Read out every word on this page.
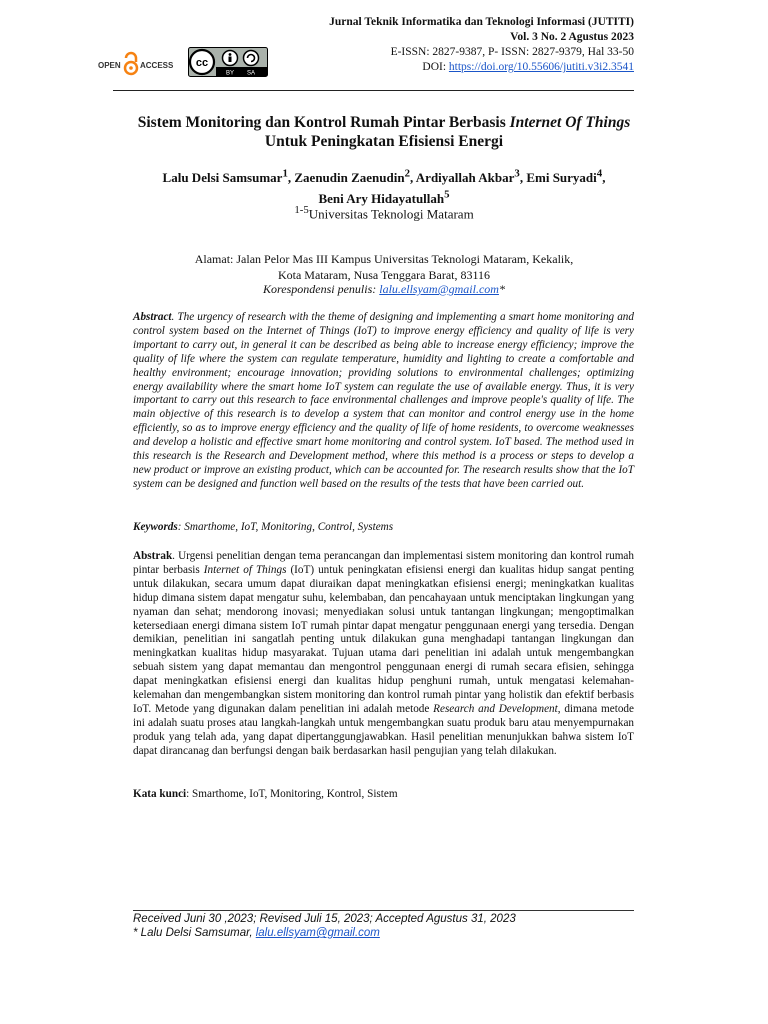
Jurnal Teknik Informatika dan Teknologi Informasi (JUTITI)
Vol. 3 No. 2 Agustus 2023
E-ISSN: 2827-9387, P- ISSN: 2827-9379, Hal 33-50
DOI: https://doi.org/10.55606/jutiti.v3i2.3541
OPEN ACCESS cc
BY SA
Sistem Monitoring dan Kontrol Rumah Pintar Berbasis Internet Of Things Untuk Peningkatan Efisiensi Energi
Lalu Delsi Samsumar$^1$, Zaenudin Zaenudin$^2$, Ardiyallah Akbar$^3$, Emi Suryadi$^4$,
Beni Ary Hidayatullah$^5$
$^{1-5}$Universitas Teknologi Mataram
Alamat: Jalan Pelor Mas III Kampus Universitas Teknologi Mataram, Kekalik,
Kota Mataram, Nusa Tenggara Barat, 83116
Korespondensi penulis: lalu.ellsyam@gmail.com*
Abstract. The urgency of research with the theme of designing and implementing a smart home monitoring and control system based on the Internet of Things (IoT) to improve energy efficiency and quality of life is very important to carry out, in general it can be described as being able to increase energy efficiency; improve the quality of life where the system can regulate temperature, humidity and lighting to create a comfortable and healthy environment; encourage innovation; providing solutions to environmental challenges; optimizing energy availability where the smart home IoT system can regulate the use of available energy. Thus, it is very important to carry out this research to face environmental challenges and improve people's quality of life. The main objective of this research is to develop a system that can monitor and control energy use in the home efficiently, so as to improve energy efficiency and the quality of life of home residents, to overcome weaknesses and develop a holistic and effective smart home monitoring and control system. IoT based. The method used in this research is the Research and Development method, where this method is a process or steps to develop a new product or improve an existing product, which can be accounted for. The research results show that the IoT system can be designed and function well based on the results of the tests that have been carried out.
Keywords: Smarthome, IoT, Monitoring, Control, Systems
Abstrak. Urgensi penelitian dengan tema perancangan dan implementasi sistem monitoring dan kontrol rumah pintar berbasis Internet of Things (IoT) untuk peningkatan efisiensi energi dan kualitas hidup sangat penting untuk dilakukan, secara umum dapat diuraikan dapat meningkatkan efisiensi energi; meningkatkan kualitas hidup dimana sistem dapat mengatur suhu, kelembaban, dan pencahayaan untuk menciptakan lingkungan yang nyaman dan sehat; mendorong inovasi; menyediakan solusi untuk tantangan lingkungan; mengoptimalkan ketersediaan energi dimana sistem IoT rumah pintar dapat mengatur penggunaan energi yang tersedia. Dengan demikian, penelitian ini sangatlah penting untuk dilakukan guna menghadapi tantangan lingkungan dan meningkatkan kualitas hidup masyarakat. Tujuan utama dari penelitian ini adalah untuk mengembangkan sebuah sistem yang dapat memantau dan mengontrol penggunaan energi di rumah secara efisien, sehingga dapat meningkatkan efisiensi energi dan kualitas hidup penghuni rumah, untuk mengatasi kelemahan-kelemahan dan mengembangkan sistem monitoring dan kontrol rumah pintar yang holistik dan efektif berbasis IoT. Metode yang digunakan dalam penelitian ini adalah metode Research and Development, dimana metode ini adalah suatu proses atau langkah-langkah untuk mengembangkan suatu produk baru atau menyempurnakan produk yang telah ada, yang dapat dipertanggungjawabkan. Hasil penelitian menunjukkan bahwa sistem IoT dapat dirancanag dan berfungsi dengan baik berdasarkan hasil pengujian yang telah dilakukan.
Kata kunci: Smarthome, IoT, Monitoring, Kontrol, Sistem
Received Juni 30 ,2023; Revised Juli 15, 2023; Accepted Agustus 31, 2023
* Lalu Delsi Samsumar, lalu.ellsyam@gmail.com
